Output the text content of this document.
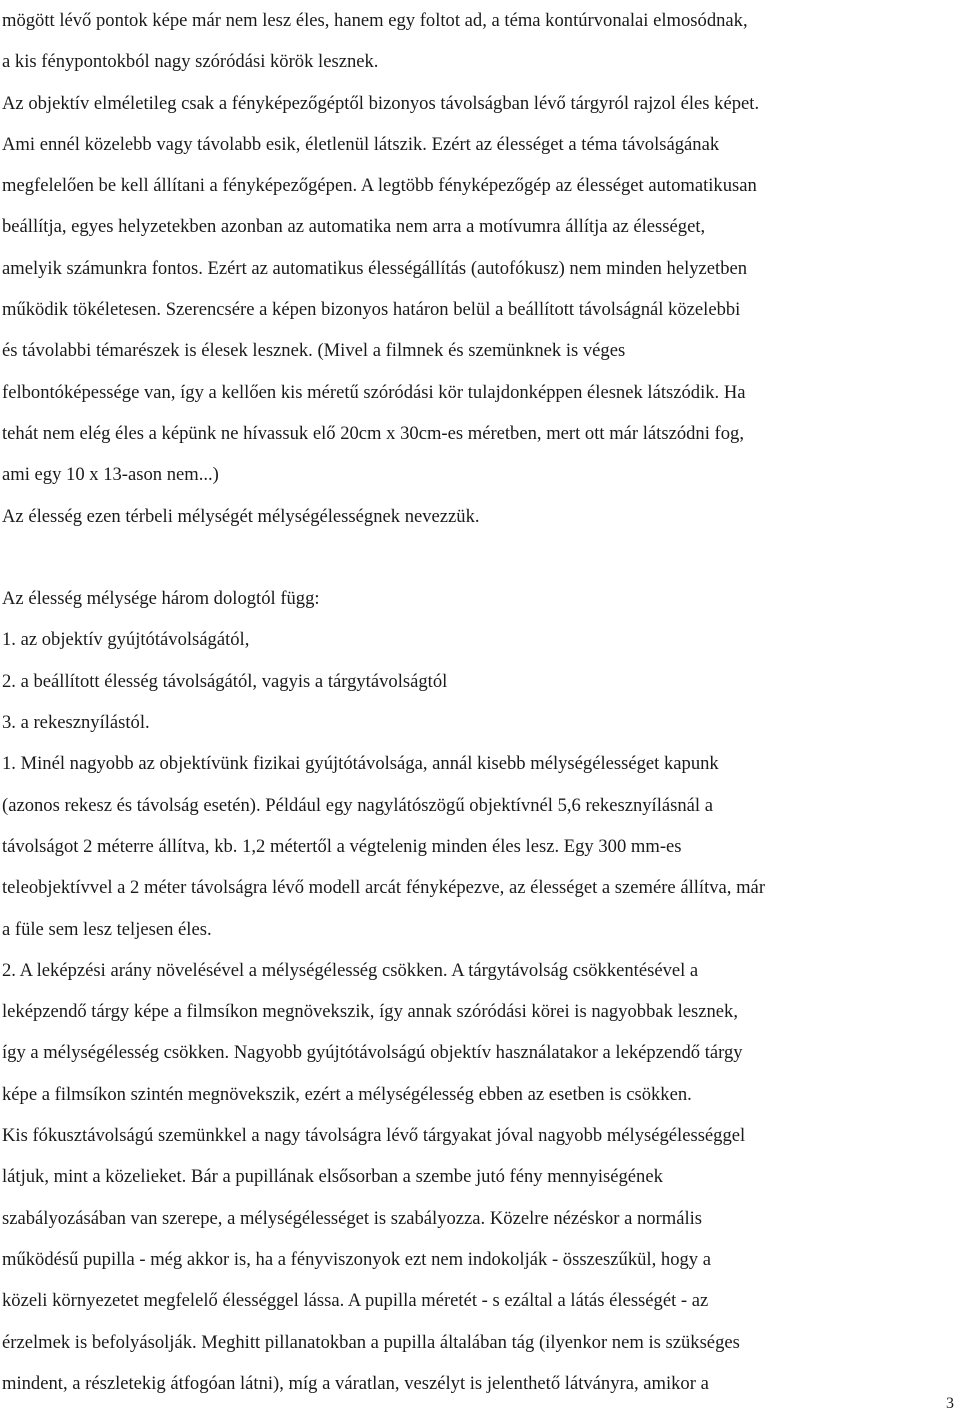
mögött lévő pontok képe már nem lesz éles, hanem egy foltot ad, a téma kontúrvonalai elmosódnak,
a kis fénypontokból nagy szóródási körök lesznek.
Az objektív elméletileg csak a fényképezőgéptől bizonyos távolságban lévő tárgyról rajzol éles képet.
Ami ennél közelebb vagy távolabb esik, életlenül látszik. Ezért az élességet a téma távolságának
megfelelően be kell állítani a fényképezőgépen. A legtöbb fényképezőgép az élességet automatikusan
beállítja, egyes helyzetekben azonban az automatika nem arra a motívumra állítja az élességet,
amelyik számunkra fontos. Ezért az automatikus élességállítás (autofókusz) nem minden helyzetben
működik tökéletesen. Szerencsére a képen bizonyos határon belül a beállított távolságnál közelebbi
és távolabbi témarészek is élesek lesznek. (Mivel a filmnek és szemünknek is véges
felbontóképessége van, így a kellően kis méretű szóródási kör tulajdonképpen élesnek látszódik. Ha
tehát nem elég éles a képünk ne hívassuk elő 20cm x 30cm-es méretben, mert ott már látszódni fog,
ami egy 10 x 13-ason nem...)
Az élesség ezen térbeli mélységét mélységélességnek nevezzük.
Az élesség mélysége három dologtól függ:
1. az objektív gyújtótávolságától,
2. a beállított élesség távolságától, vagyis a tárgytávolságtól
3. a rekesznyílástól.
1. Minél nagyobb az objektívünk fizikai gyújtótávolsága, annál kisebb mélységélességet kapunk
(azonos rekesz és távolság esetén). Például egy nagylátószögű objektívnél 5,6 rekesznyílásnál a
távolságot 2 méterre állítva, kb. 1,2 métertől a végtelenig minden éles lesz. Egy 300 mm-es
teleobjektívvel a 2 méter távolságra lévő modell arcát fényképezve, az élességet a szemére állítva, már
a füle sem lesz teljesen éles.
2. A leképzési arány növelésével a mélységélesség csökken. A tárgytávolság csökkentésével a
leképzendő tárgy képe a filmsíkon megnövekszik, így annak szóródási körei is nagyobbak lesznek,
így a mélységélesség csökken. Nagyobb gyújtótávolságú objektív használatakor a leképzendő tárgy
képe a filmsíkon szintén megnövekszik, ezért a mélységélesség ebben az esetben is csökken.
Kis fókusztávolságú szemünkkel a nagy távolságra lévő tárgyakat jóval nagyobb mélységélességgel
látjuk, mint a közelieket. Bár a pupillának elsősorban a szembe jutó fény mennyiségének
szabályozásában van szerepe, a mélységélességet is szabályozza. Közelre nézéskor a normális
működésű pupilla - még akkor is, ha a fényviszonyok ezt nem indokolják - összeszűkül, hogy a
közeli környezetet megfelelő élességgel lássa. A pupilla méretét - s ezáltal a látás élességét - az
érzelmek is befolyásolják. Meghitt pillanatokban a pupilla általában tág (ilyenkor nem is szükséges
mindent, a részletekig átfogóan látni), míg a váratlan, veszélyt is jelenthető látványra, amikor a
3
